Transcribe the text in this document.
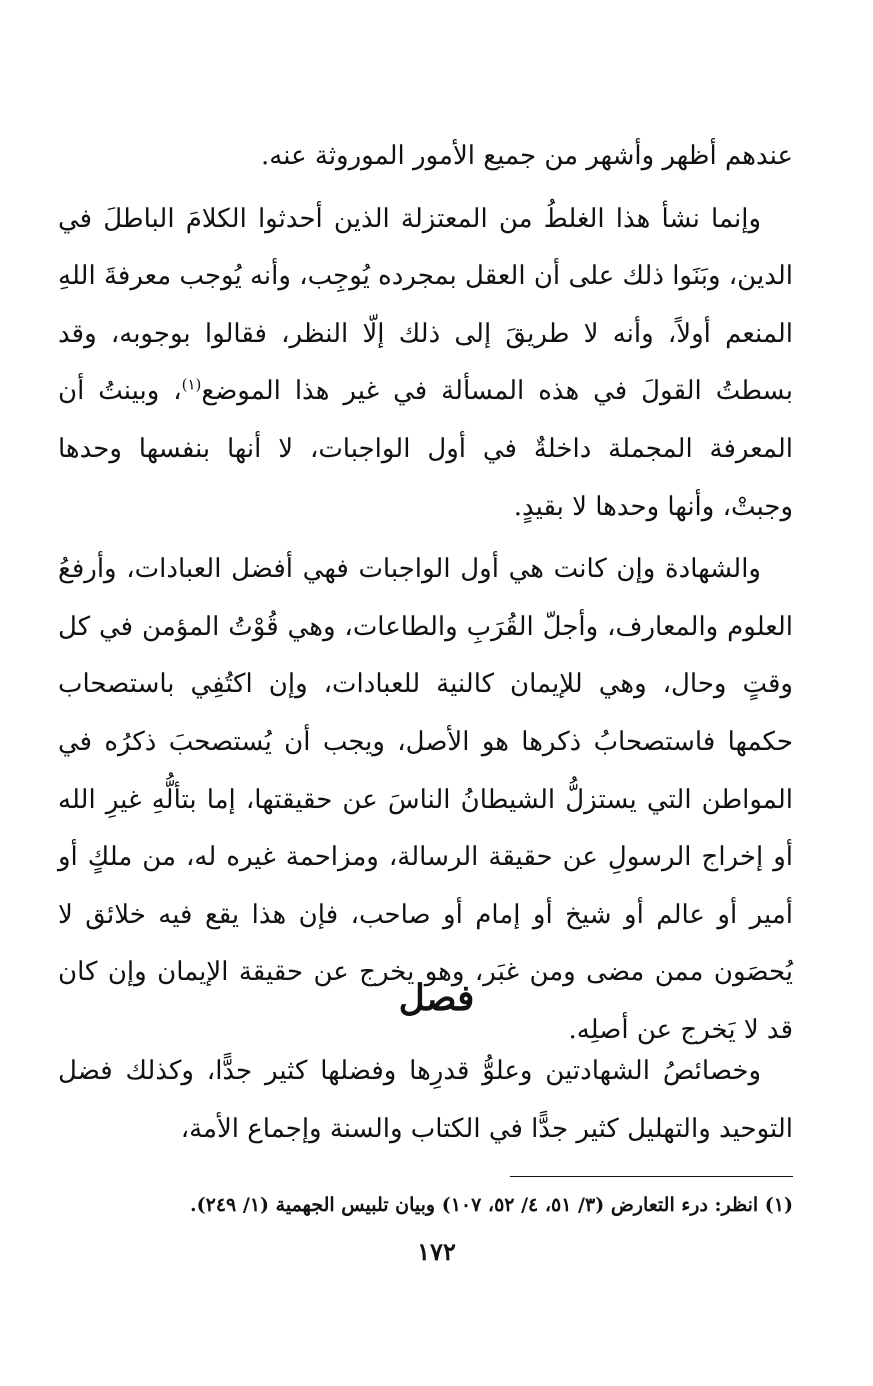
عندهم أظهر وأشهر من جميع الأمور الموروثة عنه.

وإنما نشأ هذا الغلطُ من المعتزلة الذين أحدثوا الكلامَ الباطلَ في الدين، وبَنَوا ذلك على أن العقل بمجرده يُوجِب، وأنه يُوجب معرفةَ اللهِ المنعم أولاً، وأنه لا طريقَ إلى ذلك إلّا النظر، فقالوا بوجوبه، وقد بسطتُ القولَ في هذه المسألة في غير هذا الموضع$^{(١)}$، وبينتُ أن المعرفة المجملة داخلةٌ في أول الواجبات، لا أنها بنفسها وحدها وجبتْ، وأنها وحدها لا بقيدٍ.

والشهادة وإن كانت هي أول الواجبات فهي أفضل العبادات، وأرفعُ العلوم والمعارف، وأجلّ القُرَبِ والطاعات، وهي قُوْتُ المؤمن في كل وقتٍ وحال، وهي للإيمان كالنية للعبادات، وإن اكتُفِي باستصحاب حكمها فاستصحابُ ذكرها هو الأصل، ويجب أن يُستصحبَ ذكرُه في المواطن التي يستزلُّ الشيطانُ الناسَ عن حقيقتها، إما بتألُّهِ غيرِ الله أو إخراج الرسولِ عن حقيقة الرسالة، ومزاحمة غيره له، من ملكٍ أو أمير أو عالم أو شيخ أو إمام أو صاحب، فإن هذا يقع فيه خلائق لا يُحصَون ممن مضى ومن غبَر، وهو يخرج عن حقيقة الإيمان وإن كان قد لا يَخرج عن أصلِه.

فصل

وخصائصُ الشهادتين وعلوُّ قدرِها وفضلها كثير جدًّا، وكذلك فضل التوحيد والتهليل كثير جدًّا في الكتاب والسنة وإجماع الأمة،

(١) انظر: درء التعارض (٣/ ٥١، ٤/ ٥٢، ١٠٧) وبيان تلبيس الجهمية (١/ ٢٤٩).
١٧٢
